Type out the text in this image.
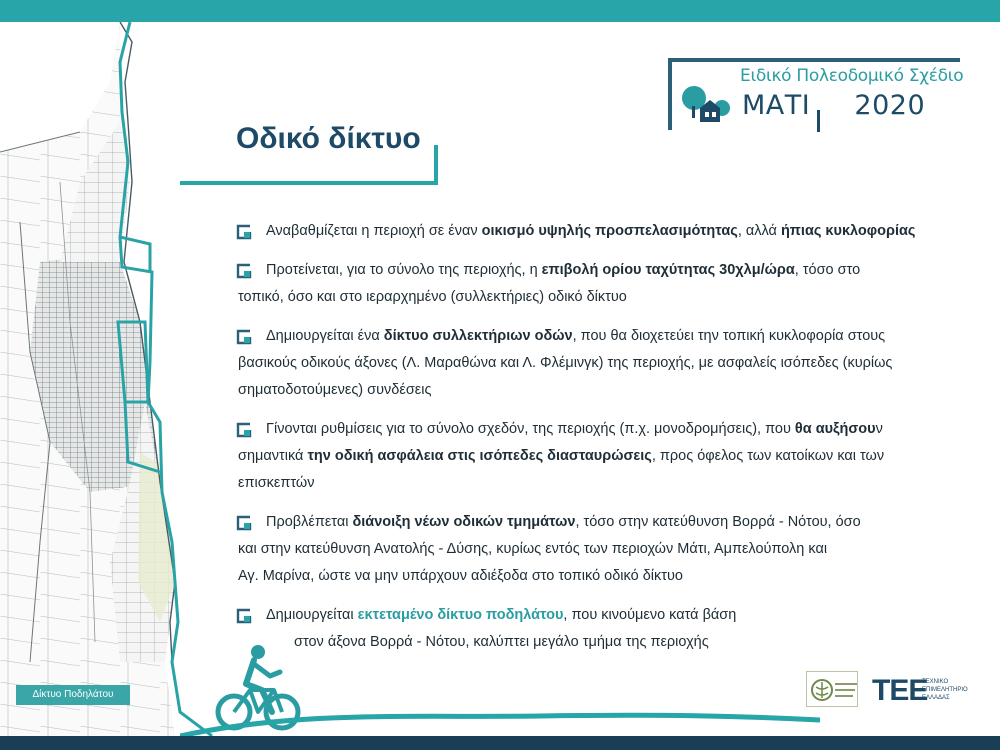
Δίκτυο Ποδηλάτου
Ειδικό Πολεοδομικό Σχέδιο
ΜΑΤΙ 2020
Οδικό δίκτυο
Αναβαθμίζεται η περιοχή σε έναν οικισμό υψηλής προσπελασιμότητας, αλλά ήπιας κυκλοφορίας
Προτείνεται, για το σύνολο της περιοχής, η επιβολή ορίου ταχύτητας 30χλμ/ώρα, τόσο στο
τοπικό, όσο και στο ιεραρχημένο (συλλεκτήριες) οδικό δίκτυο
Δημιουργείται ένα δίκτυο συλλεκτήριων οδών, που θα διοχετεύει την τοπική κυκλοφορία στους
βασικούς οδικούς άξονες (Λ. Μαραθώνα και Λ. Φλέμινγκ) της περιοχής, με ασφαλείς ισόπεδες (κυρίως
σηματοδοτούμενες) συνδέσεις
Γίνονται ρυθμίσεις για το σύνολο σχεδόν, της περιοχής (π.χ. μονοδρομήσεις), που θα αυξήσουν
σημαντικά την οδική ασφάλεια στις ισόπεδες διασταυρώσεις, προς όφελος των κατοίκων και των
επισκεπτών
Προβλέπεται διάνοιξη νέων οδικών τμημάτων, τόσο στην κατεύθυνση Βορρά - Νότου, όσο
και στην κατεύθυνση Ανατολής - Δύσης, κυρίως εντός των περιοχών Μάτι, Αμπελούπολη και
Αγ. Μαρίνα, ώστε να μην υπάρχουν αδιέξοδα στο τοπικό οδικό δίκτυο
Δημιουργείται εκτεταμένο δίκτυο ποδηλάτου, που κινούμενο κατά βάση
στον άξονα Βορρά - Νότου, καλύπτει μεγάλο τμήμα της περιοχής
ΤΕΕ
ΤΕΧΝΙΚΟ ΕΠΙΜΕΛΗΤΗΡΙΟ ΕΛΛΑΔΑΣ
